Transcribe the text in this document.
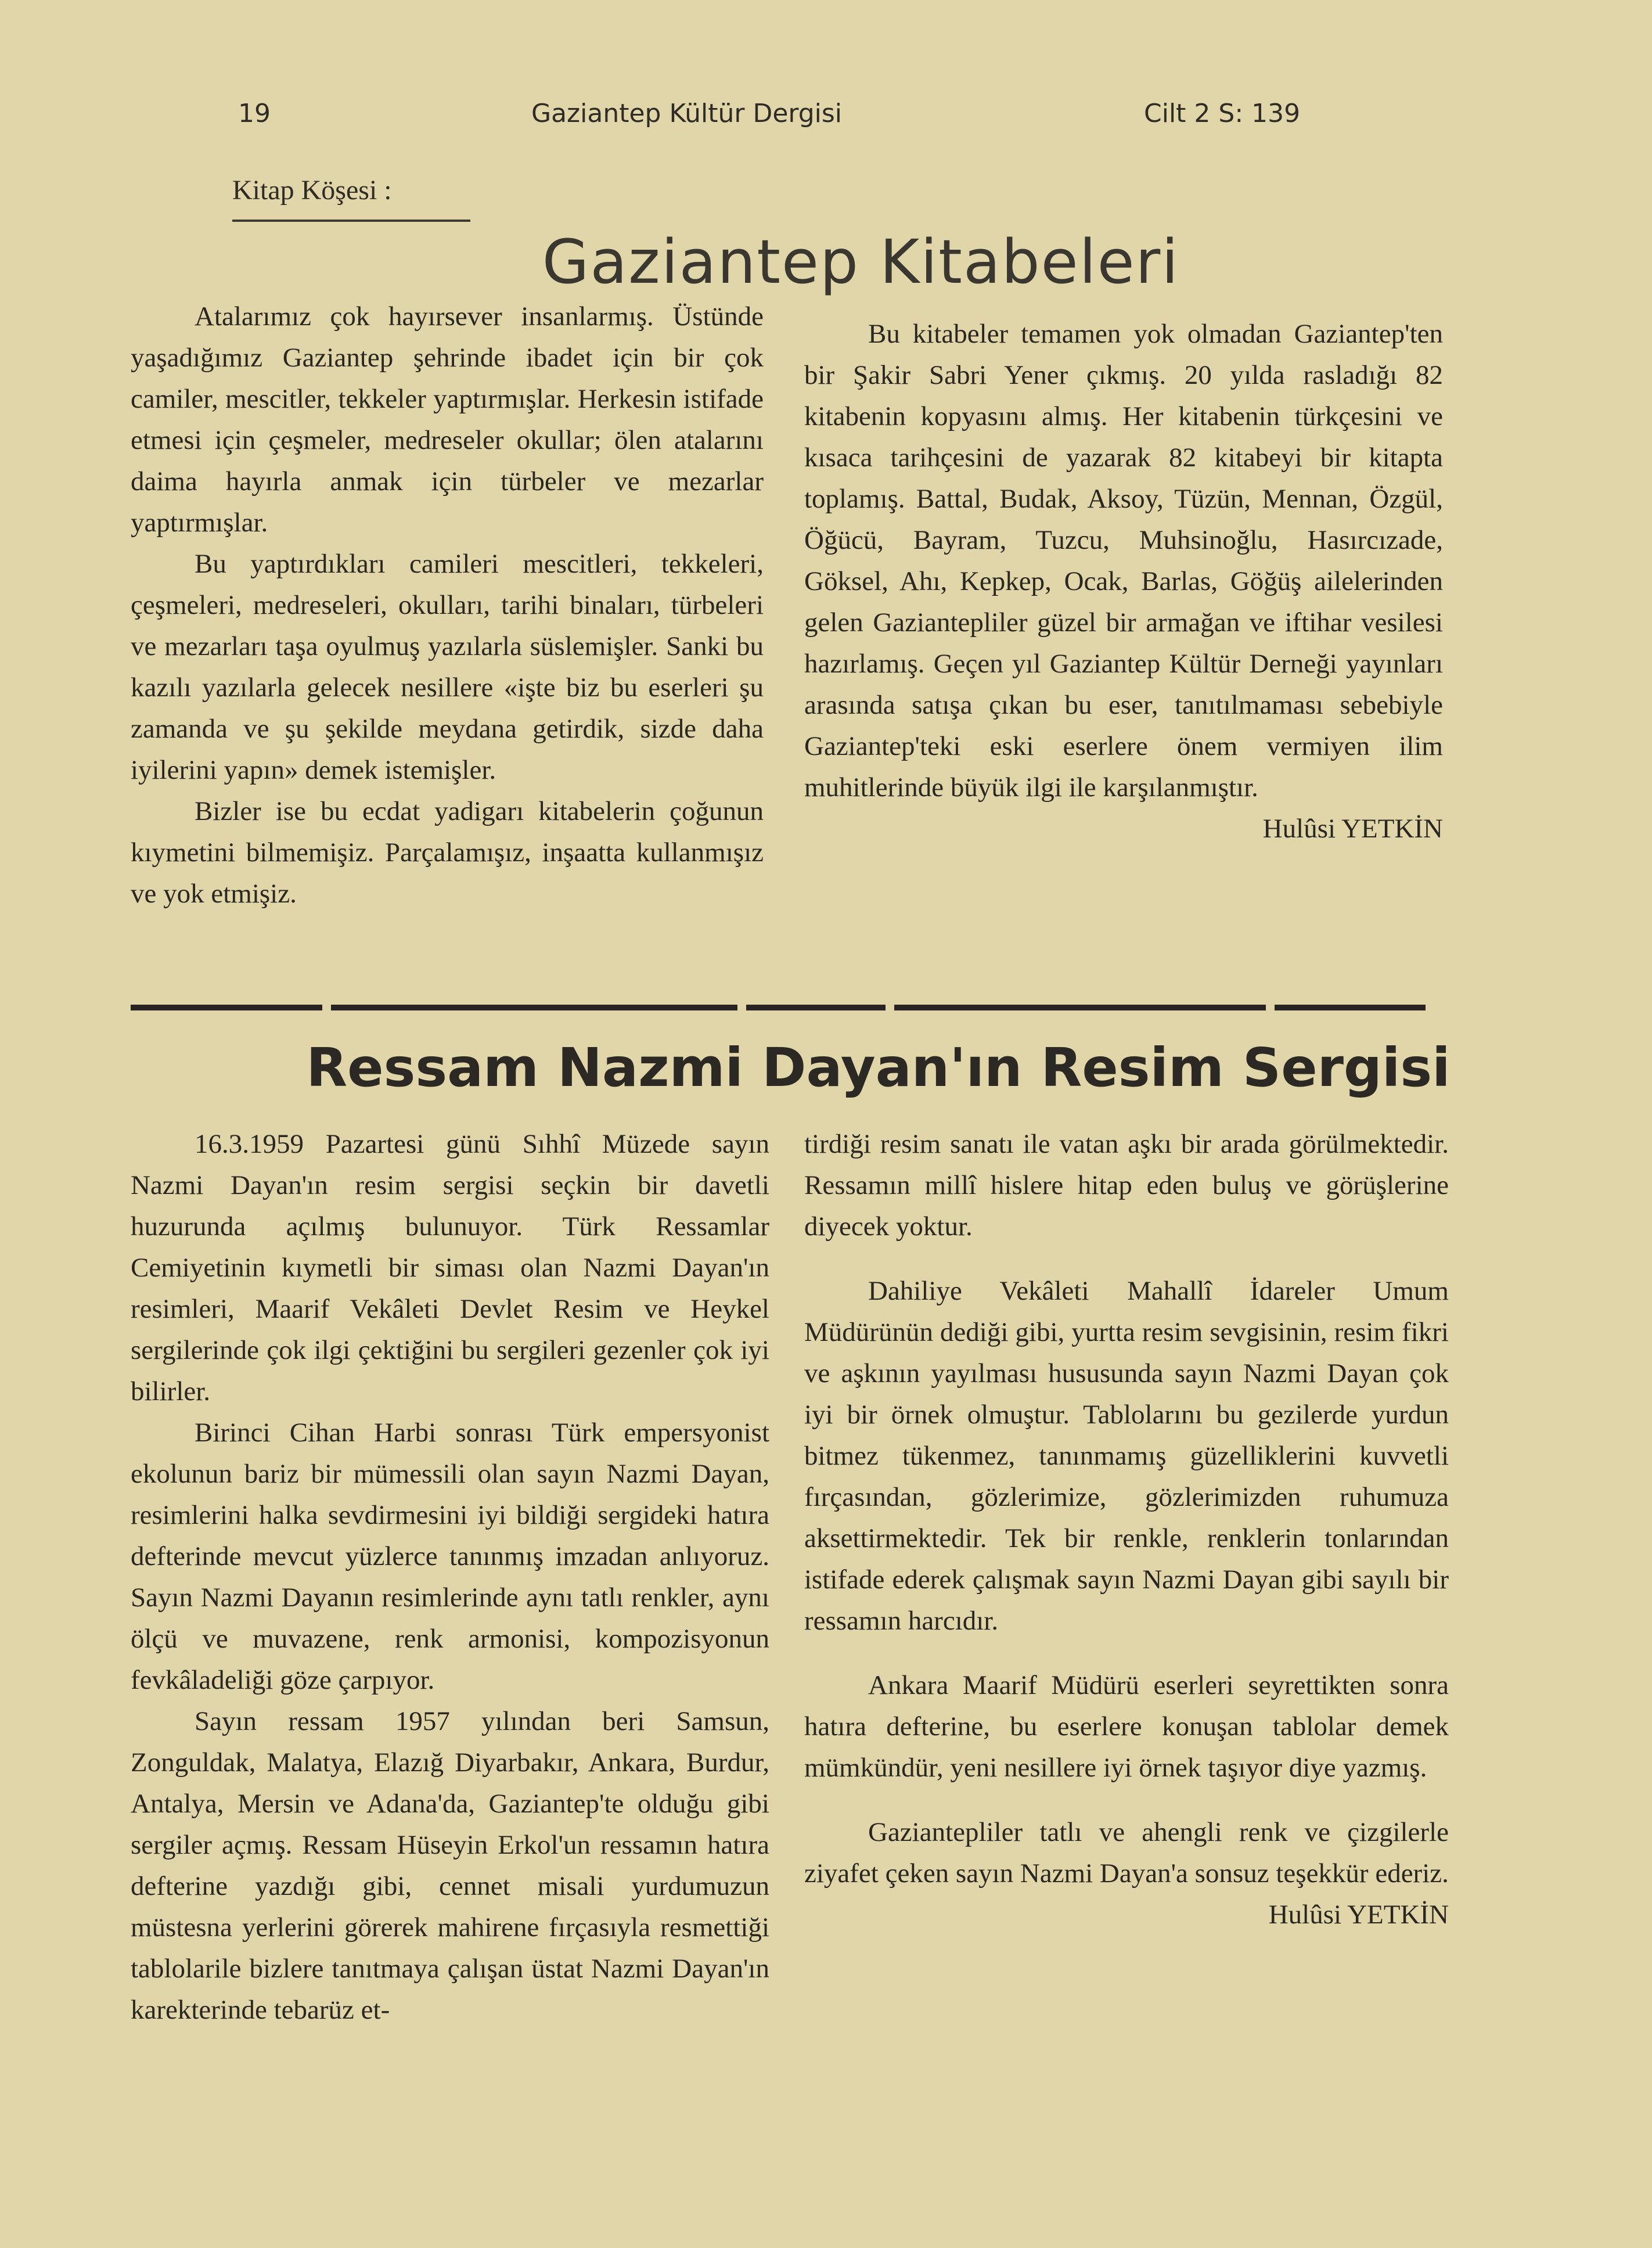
19	Gaziantep Kültür Dergisi	Cilt 2 S: 139
Kitap Köşesi :
Gaziantep Kitabeleri

Atalarımız çok hayırsever insanlarmış. Üstünde yaşadığımız Gaziantep şehrinde ibadet için bir çok camiler, mescitler, tekkeler yaptırmışlar. Herkesin istifade etmesi için çeşmeler, medreseler okullar; ölen atalarını daima hayırla anmak için türbeler ve mezarlar yaptırmışlar.

Bu yaptırdıkları camileri mescitleri, tekkeleri, çeşmeleri, medreseleri, okulları, tarihi binaları, türbeleri ve mezarları taşa oyulmuş yazılarla süslemişler. Sanki bu kazılı yazılarla gelecek nesillere «işte biz bu eserleri şu zamanda ve şu şekilde meydana getirdik, sizde daha iyilerini yapın» demek istemişler.

Bizler ise bu ecdat yadigarı kitabelerin çoğunun kıymetini bilmemişiz. Parçalamışız, inşaatta kullanmışız ve yok etmişiz.

Bu kitabeler temamen yok olmadan Gaziantep'ten bir Şakir Sabri Yener çıkmış. 20 yılda rasladığı 82 kitabenin kopyasını almış. Her kitabenin türkçesini ve kısaca tarihçesini de yazarak 82 kitabeyi bir kitapta toplamış. Battal, Budak, Aksoy, Tüzün, Mennan, Özgül, Öğücü, Bayram, Tuzcu, Muhsinoğlu, Hasırcızade, Göksel, Ahı, Kepkep, Ocak, Barlas, Göğüş ailelerinden gelen Gaziantepliler güzel bir armağan ve iftihar vesilesi hazırlamış. Geçen yıl Gaziantep Kültür Derneği yayınları arasında satışa çıkan bu eser, tanıtılmaması sebebiyle Gaziantep'teki eski eserlere önem vermiyen ilim muhitlerinde büyük ilgi ile karşılanmıştır.

Hulûsi YETKİN

Ressam Nazmi Dayan'ın Resim Sergisi

16.3.1959 Pazartesi günü Sıhhî Müzede sayın Nazmi Dayan'ın resim sergisi seçkin bir davetli huzurunda açılmış bulunuyor. Türk Ressamlar Cemiyetinin kıymetli bir siması olan Nazmi Dayan'ın resimleri, Maarif Vekâleti Devlet Resim ve Heykel sergilerinde çok ilgi çektiğini bu sergileri gezenler çok iyi bilirler.

Birinci Cihan Harbi sonrası Türk empersyonist ekolunun bariz bir mümessili olan sayın Nazmi Dayan, resimlerini halka sevdirmesini iyi bildiği sergideki hatıra defterinde mevcut yüzlerce tanınmış imzadan anlıyoruz. Sayın Nazmi Dayanın resimlerinde aynı tatlı renkler, aynı ölçü ve muvazene, renk armonisi, kompozisyonun fevkâladeliği göze çarpıyor.

Sayın ressam 1957 yılından beri Samsun, Zonguldak, Malatya, Elazığ Diyarbakır, Ankara, Burdur, Antalya, Mersin ve Adana'da, Gaziantep'te olduğu gibi sergiler açmış. Ressam Hüseyin Erkol'un ressamın hatıra defterine yazdığı gibi, cennet misali yurdumuzun müstesna yerlerini görerek mahirene fırçasıyla resmettiği tablolarile bizlere tanıtmaya çalışan üstat Nazmi Dayan'ın karekterinde tebarüz et-

tirdiği resim sanatı ile vatan aşkı bir arada görülmektedir. Ressamın millî hislere hitap eden buluş ve görüşlerine diyecek yoktur.

Dahiliye Vekâleti Mahallî İdareler Umum Müdürünün dediği gibi, yurtta resim sevgisinin, resim fikri ve aşkının yayılması hususunda sayın Nazmi Dayan çok iyi bir örnek olmuştur. Tablolarını bu gezilerde yurdun bitmez tükenmez, tanınmamış güzelliklerini kuvvetli fırçasından, gözlerimize, gözlerimizden ruhumuza aksettirmektedir. Tek bir renkle, renklerin tonlarından istifade ederek çalışmak sayın Nazmi Dayan gibi sayılı bir ressamın harcıdır.

Ankara Maarif Müdürü eserleri seyrettikten sonra hatıra defterine, bu eserlere konuşan tablolar demek mümkündür, yeni nesillere iyi örnek taşıyor diye yazmış.

Gaziantepliler tatlı ve ahengli renk ve çizgilerle ziyafet çeken sayın Nazmi Dayan'a sonsuz teşekkür ederiz.

Hulûsi YETKİN
